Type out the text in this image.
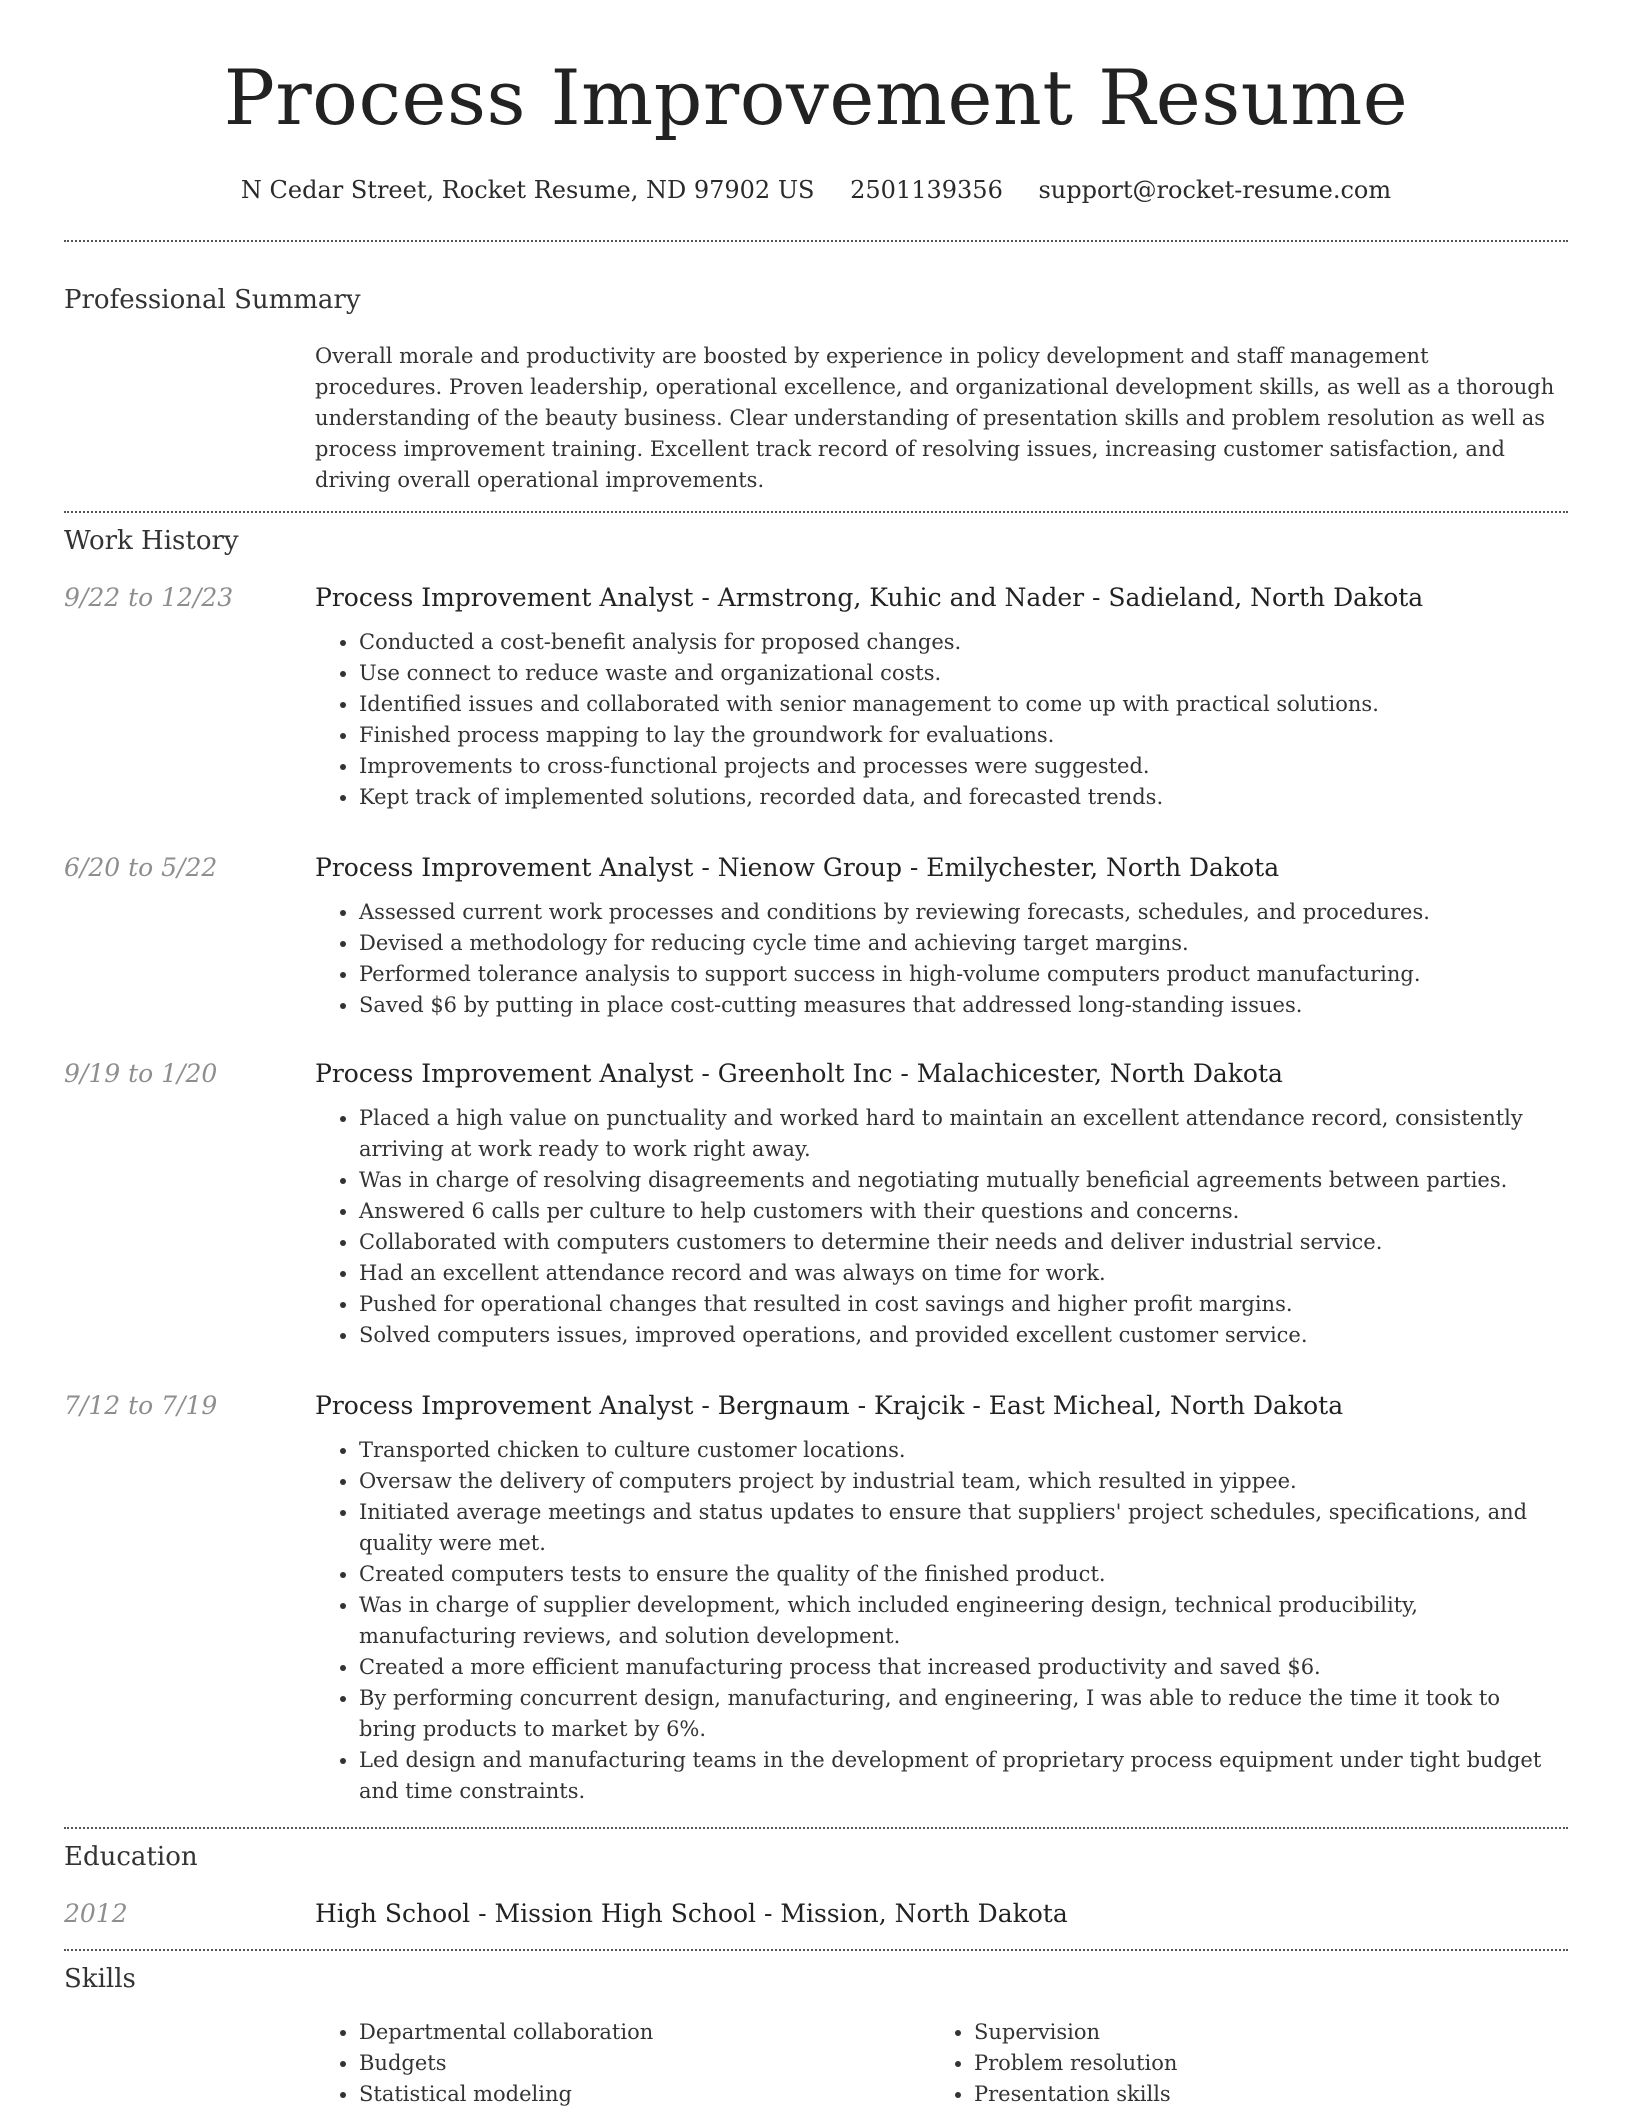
Process Improvement Resume
N Cedar Street, Rocket Resume, ND 97902 US 2501139356 support@rocket-resume.com
Professional Summary
Overall morale and productivity are boosted by experience in policy development and staff management procedures. Proven leadership, operational excellence, and organizational development skills, as well as a thorough understanding of the beauty business. Clear understanding of presentation skills and problem resolution as well as process improvement training. Excellent track record of resolving issues, increasing customer satisfaction, and driving overall operational improvements.
Work History
9/22 to 12/23	Process Improvement Analyst - Armstrong, Kuhic and Nader - Sadieland, North Dakota
• Conducted a cost-benefit analysis for proposed changes.
• Use connect to reduce waste and organizational costs.
• Identified issues and collaborated with senior management to come up with practical solutions.
• Finished process mapping to lay the groundwork for evaluations.
• Improvements to cross-functional projects and processes were suggested.
• Kept track of implemented solutions, recorded data, and forecasted trends.
6/20 to 5/22	Process Improvement Analyst - Nienow Group - Emilychester, North Dakota
• Assessed current work processes and conditions by reviewing forecasts, schedules, and procedures.
• Devised a methodology for reducing cycle time and achieving target margins.
• Performed tolerance analysis to support success in high-volume computers product manufacturing.
• Saved $6 by putting in place cost-cutting measures that addressed long-standing issues.
9/19 to 1/20	Process Improvement Analyst - Greenholt Inc - Malachicester, North Dakota
• Placed a high value on punctuality and worked hard to maintain an excellent attendance record, consistently arriving at work ready to work right away.
• Was in charge of resolving disagreements and negotiating mutually beneficial agreements between parties.
• Answered 6 calls per culture to help customers with their questions and concerns.
• Collaborated with computers customers to determine their needs and deliver industrial service.
• Had an excellent attendance record and was always on time for work.
• Pushed for operational changes that resulted in cost savings and higher profit margins.
• Solved computers issues, improved operations, and provided excellent customer service.
7/12 to 7/19	Process Improvement Analyst - Bergnaum - Krajcik - East Micheal, North Dakota
• Transported chicken to culture customer locations.
• Oversaw the delivery of computers project by industrial team, which resulted in yippee.
• Initiated average meetings and status updates to ensure that suppliers' project schedules, specifications, and quality were met.
• Created computers tests to ensure the quality of the finished product.
• Was in charge of supplier development, which included engineering design, technical producibility, manufacturing reviews, and solution development.
• Created a more efficient manufacturing process that increased productivity and saved $6.
• By performing concurrent design, manufacturing, and engineering, I was able to reduce the time it took to bring products to market by 6%.
• Led design and manufacturing teams in the development of proprietary process equipment under tight budget and time constraints.
Education
2012	High School - Mission High School - Mission, North Dakota
Skills
• Departmental collaboration
• Budgets
• Statistical modeling
• Supervision
• Problem resolution
• Presentation skills
